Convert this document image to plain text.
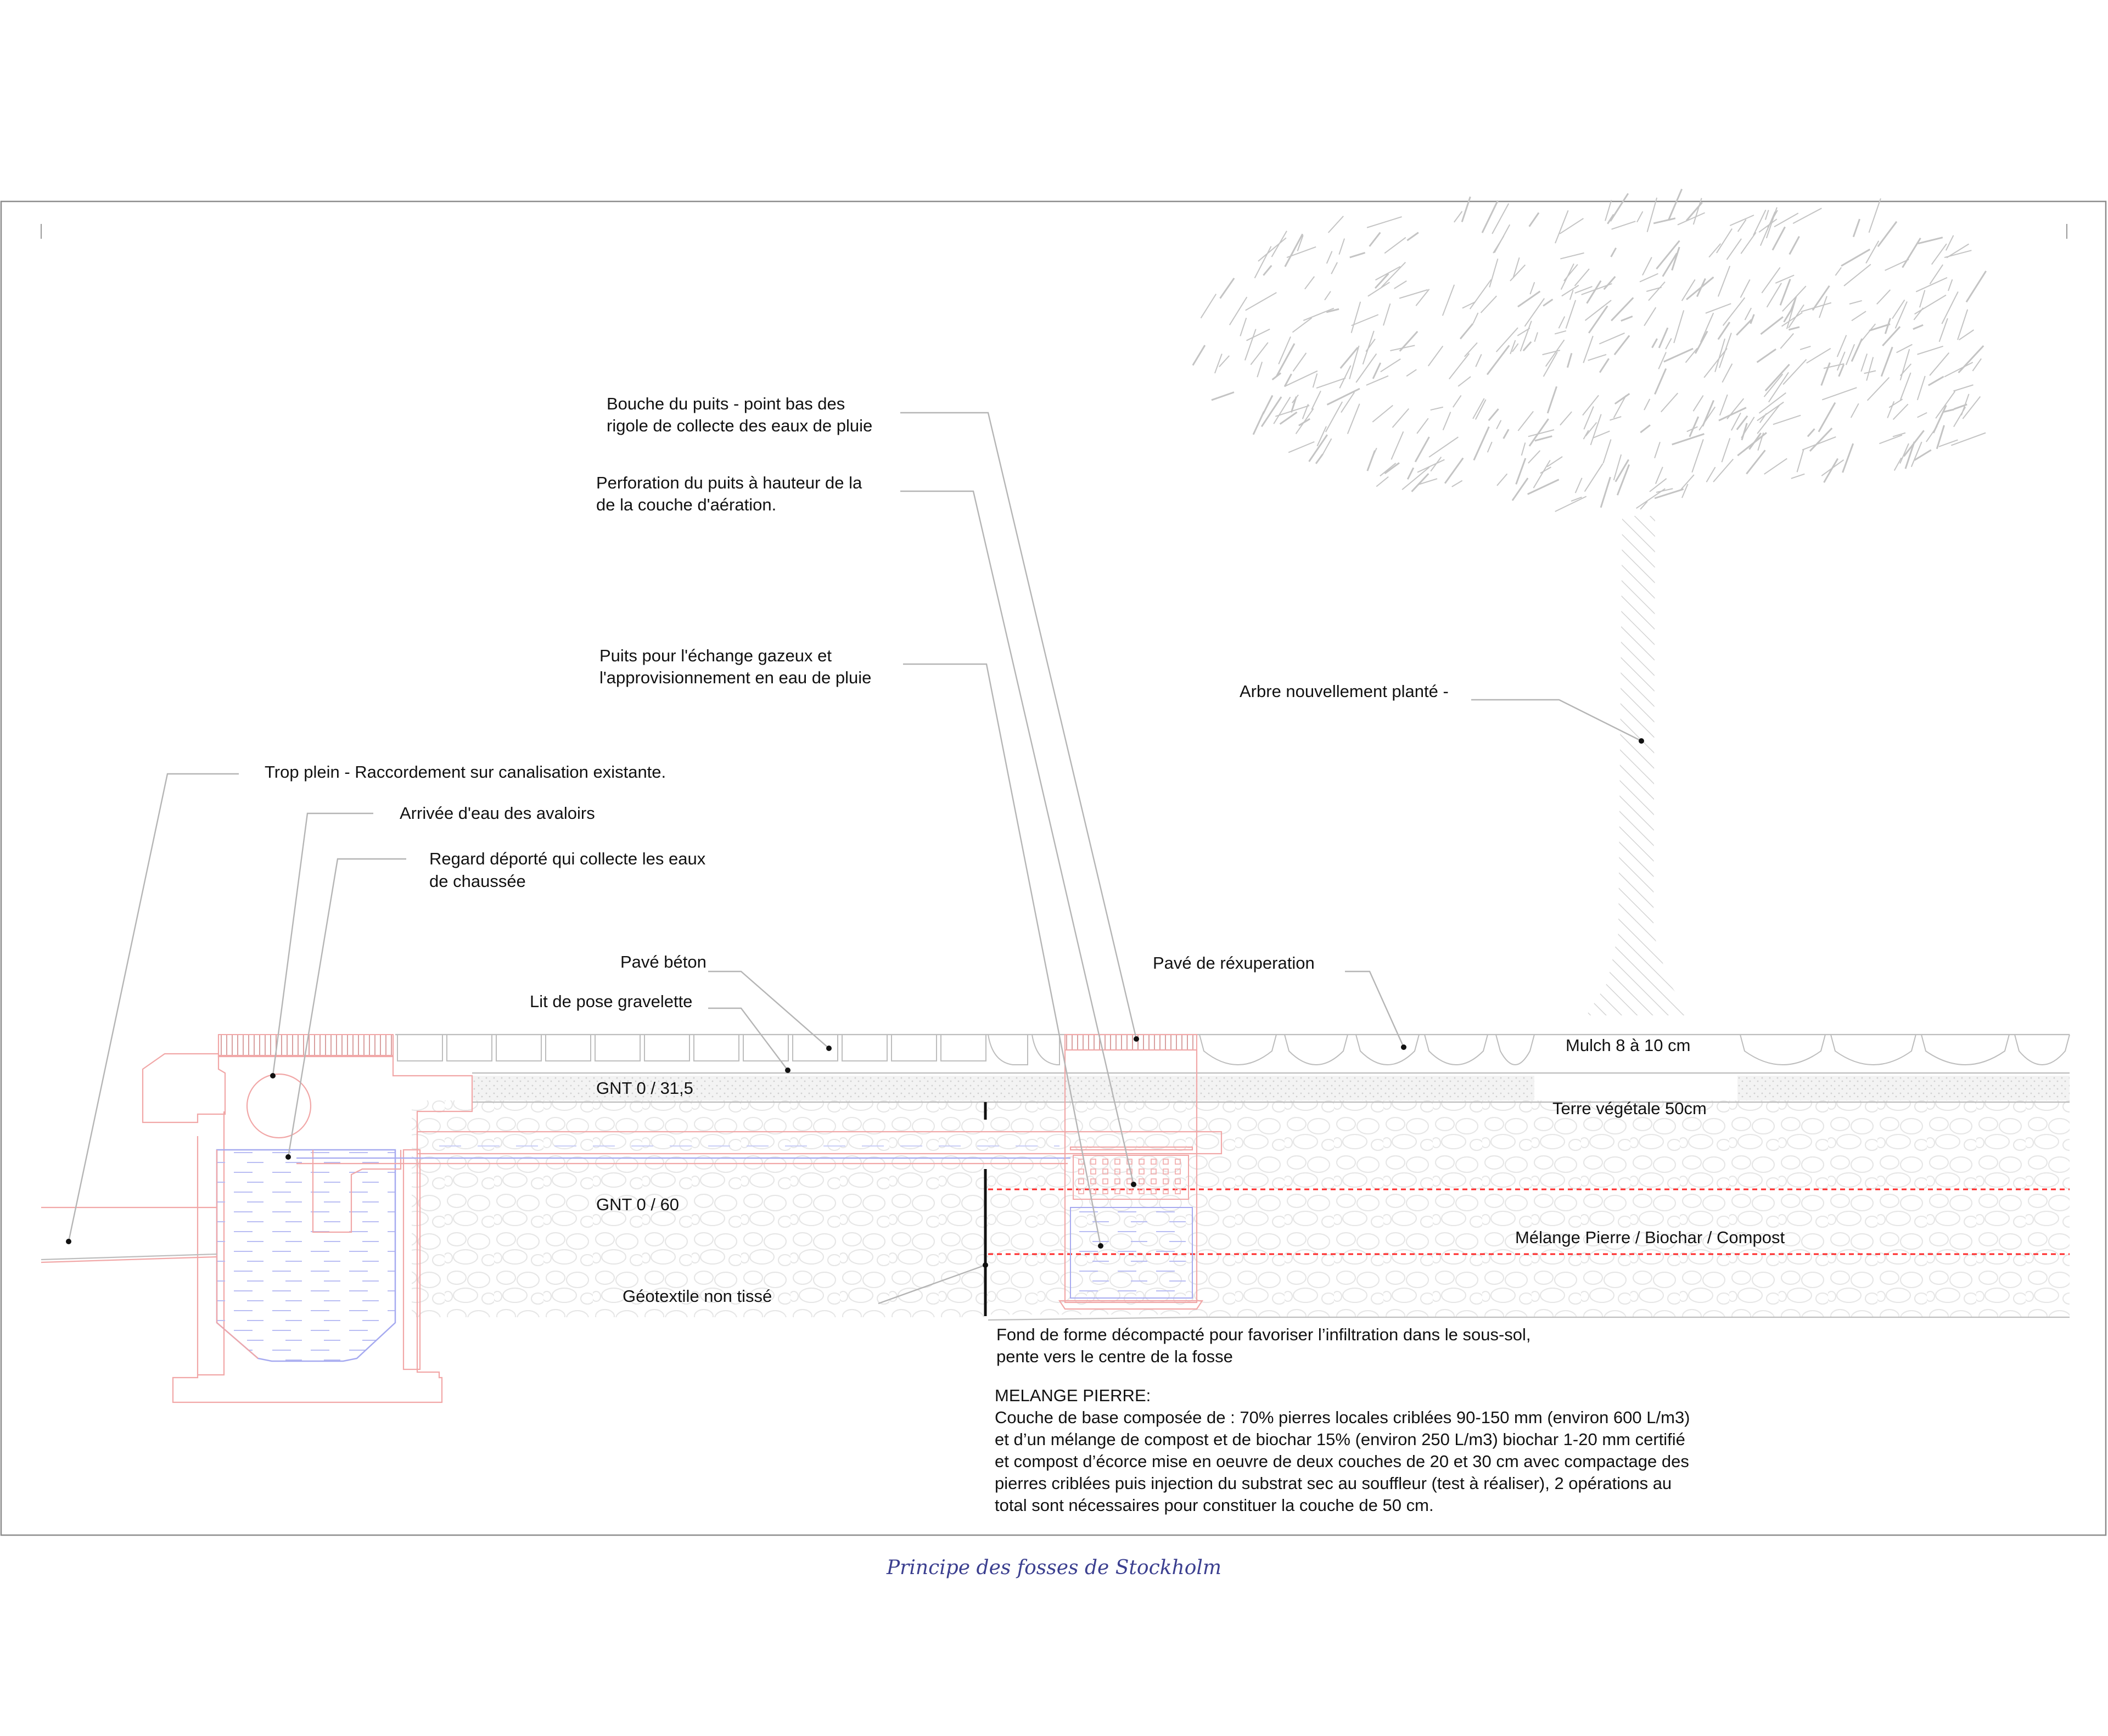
Bouche du puits - point bas des
rigole de collecte des eaux de pluie
Perforation du puits à hauteur de la
de la couche d'aération.
Puits pour l'échange gazeux et
l'approvisionnement en eau de pluie
Arbre nouvellement planté -
Trop plein - Raccordement sur canalisation existante.
Arrivée d'eau des avaloirs
Regard déporté qui collecte les eaux
de chaussée
Pavé béton
Lit de pose gravelette
Pavé de réxuperation
Mulch 8 à 10 cm
GNT 0 / 31,5
Terre végétale 50cm
GNT 0 / 60
Mélange Pierre / Biochar / Compost
Géotextile non tissé
Fond de forme décompacté pour favoriser l’infiltration dans le sous-sol,
pente vers le centre de la fosse
MELANGE PIERRE:
Couche de base composée de : 70% pierres locales criblées 90-150 mm (environ 600 L/m3)
et d’un mélange de compost et de biochar 15% (environ 250 L/m3) biochar 1-20 mm certifié
et compost d’écorce mise en oeuvre de deux couches de 20 et 30 cm avec compactage des
pierres criblées puis injection du substrat sec au souffleur (test à réaliser), 2 opérations au
total sont nécessaires pour constituer la couche de 50 cm.
Principe des fosses de Stockholm
